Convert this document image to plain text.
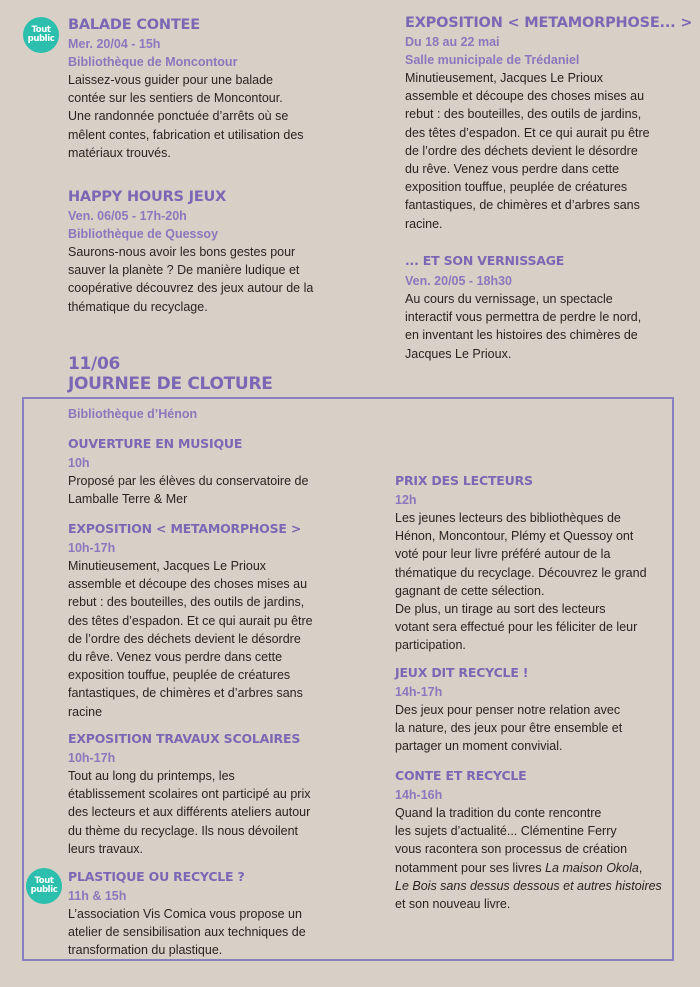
Tout
public
BALADE CONTEE
Mer. 20/04 - 15h
Bibliothèque de Moncontour

Laissez-vous guider pour une balade

contée sur les sentiers de Moncontour.

Une randonnée ponctuée d’arrêts où se

mêlent contes, fabrication et utilisation des

matériaux trouvés.

HAPPY HOURS JEUX
Ven. 06/05 - 17h-20h
Bibliothèque de Quessoy

Saurons-nous avoir les bons gestes pour

sauver la planète ? De manière ludique et

coopérative découvrez des jeux autour de la

thématique du recyclage.

EXPOSITION < METAMORPHOSE... >
Du 18 au 22 mai
Salle municipale de Trédaniel

Minutieusement, Jacques Le Prioux

assemble et découpe des choses mises au

rebut : des bouteilles, des outils de jardins,

des têtes d’espadon. Et ce qui aurait pu être

de l’ordre des déchets devient le désordre

du rêve. Venez vous perdre dans cette

exposition touffue, peuplée de créatures

fantastiques, de chimères et d’arbres sans

racine.

... ET SON VERNISSAGE
Ven. 20/05 - 18h30

Au cours du vernissage, un spectacle

interactif vous permettra de perdre le nord,

en inventant les histoires des chimères de

Jacques Le Prioux.

11/06
JOURNEE DE CLOTURE
Bibliothèque d’Hénon
OUVERTURE EN MUSIQUE
10h

Proposé par les élèves du conservatoire de

Lamballe Terre & Mer

EXPOSITION < METAMORPHOSE >
10h-17h

Minutieusement, Jacques Le Prioux

assemble et découpe des choses mises au

rebut : des bouteilles, des outils de jardins,

des têtes d’espadon. Et ce qui aurait pu être

de l’ordre des déchets devient le désordre

du rêve. Venez vous perdre dans cette

exposition touffue, peuplée de créatures

fantastiques, de chimères et d’arbres sans

racine

EXPOSITION TRAVAUX SCOLAIRES
10h-17h

Tout au long du printemps, les

établissement scolaires ont participé au prix

des lecteurs et aux différents ateliers autour

du thème du recyclage. Ils nous dévoilent

leurs travaux.

Tout
public
PLASTIQUE OU RECYCLE ?
11h & 15h

L’association Vis Comica vous propose un

atelier de sensibilisation aux techniques de

transformation du plastique.

PRIX DES LECTEURS
12h

Les jeunes lecteurs des bibliothèques de

Hénon, Moncontour, Plémy et Quessoy ont

voté pour leur livre préféré autour de la

thématique du recyclage. Découvrez le grand

gagnant de cette sélection.

De plus, un tirage au sort des lecteurs

votant sera effectué pour les féliciter de leur

participation.

JEUX DIT RECYCLE !
14h-17h

Des jeux pour penser notre relation avec

la nature, des jeux pour être ensemble et

partager un moment convivial.

CONTE ET RECYCLE
14h-16h

Quand la tradition du conte rencontre

les sujets d’actualité... Clémentine Ferry

vous racontera son processus de création

notamment pour ses livres La maison Okola,

Le Bois sans dessus dessous et autres histoires

et son nouveau livre.
